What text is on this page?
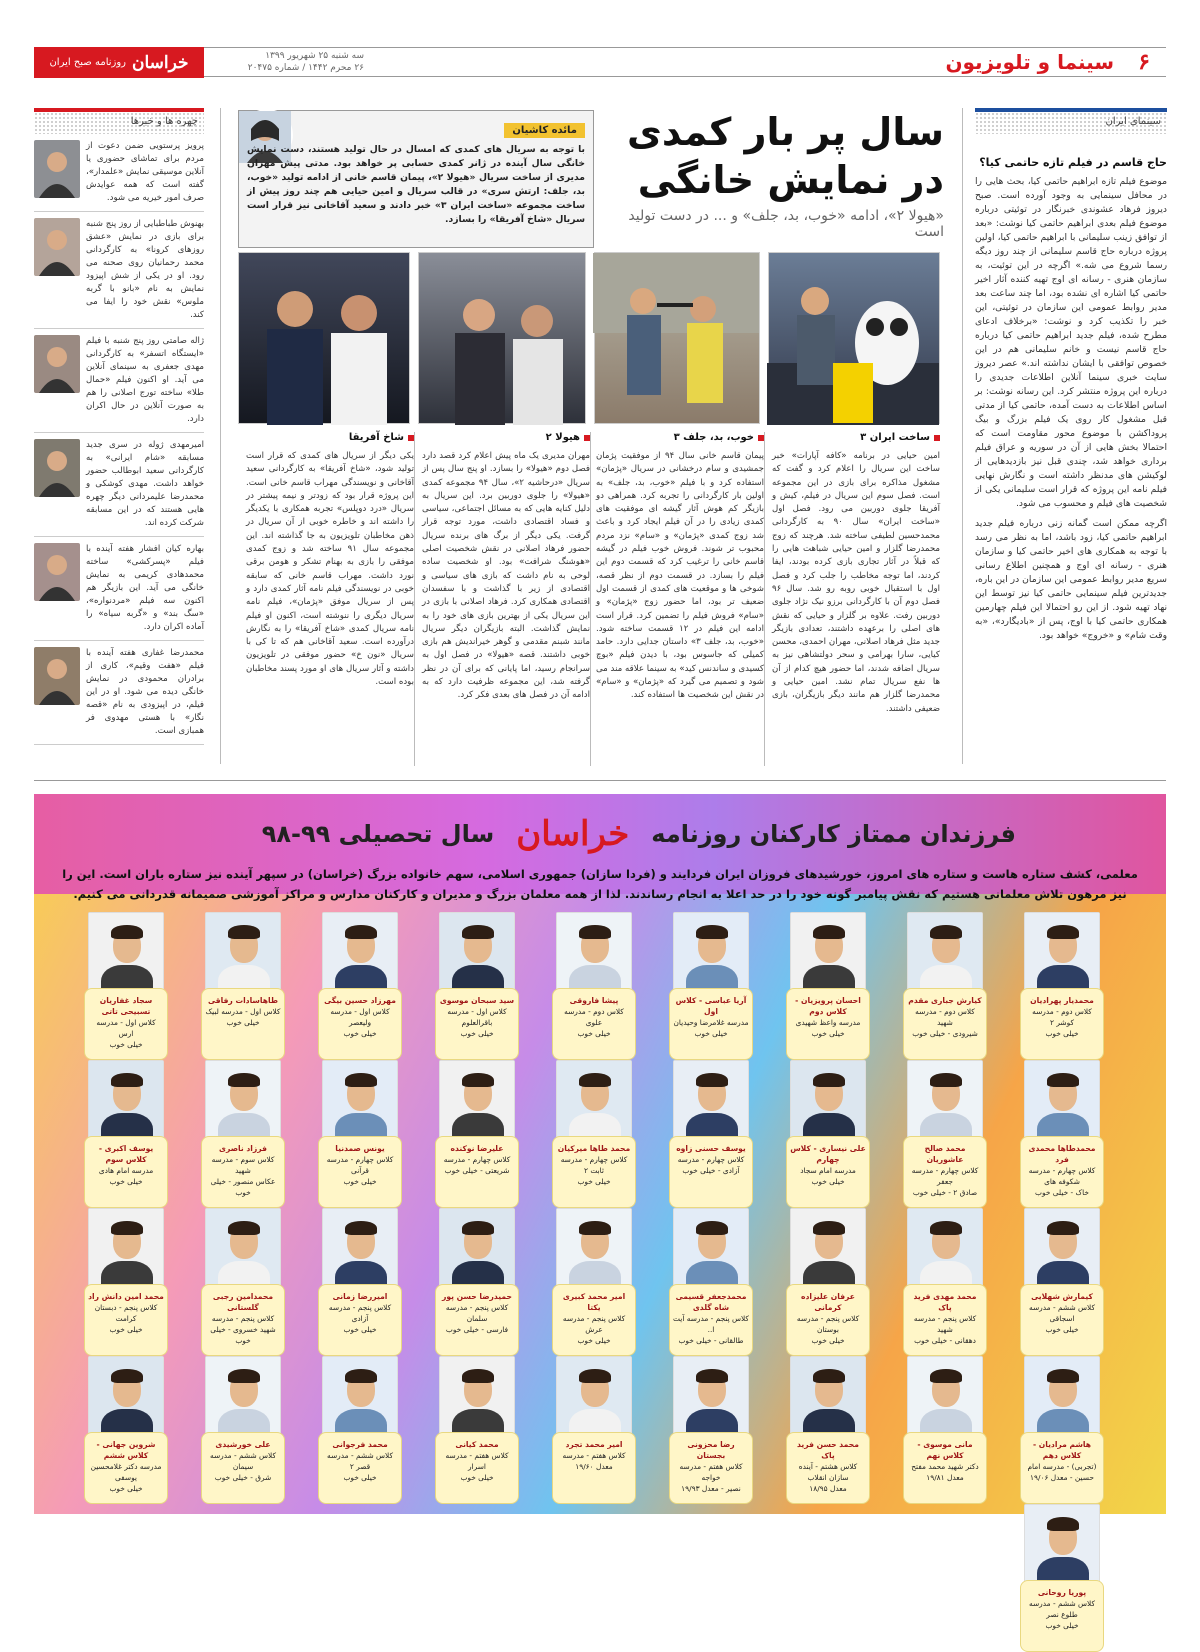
۶
سینما و تلویزیون
سه شنبه ۲۵ شهریور ۱۳۹۹
۲۶ محرم ۱۴۴۲ / شماره ۲۰۴۷۵
خراسان
روزنامه صبح ایران
سینمای ایران
حاج قاسم در فیلم تازه حاتمی کیا؟

موضوع فیلم تازه ابراهیم حاتمی کیا، بحث هایی را در محافل سینمایی به وجود آورده است. صبح دیروز فرهاد عشوندی خبرنگار در توئیتی درباره موضوع فیلم بعدی ابراهیم حاتمی کیا نوشت: «بعد از توافق زینب سلیمانی با ابراهیم حاتمی کیا، اولین پروژه درباره حاج قاسم سلیمانی از چند روز دیگه رسما شروع می شه.» اگرچه در این توئیت، به سازمان هنری - رسانه ای اوج تهیه کننده آثار اخیر حاتمی کیا اشاره ای نشده بود، اما چند ساعت بعد مدیر روابط عمومی این سازمان در توئیتی، این خبر را تکذیب کرد و نوشت: «برخلاف ادعای مطرح شده، فیلم جدید ابراهیم حاتمی کیا درباره حاج قاسم نیست و خانم سلیمانی هم در این خصوص توافقی با ایشان نداشته اند.» عصر دیروز سایت خبری سینما آنلاین اطلاعات جدیدی را درباره این پروژه منتشر کرد. این رسانه نوشت: بر اساس اطلاعات به دست آمده، حاتمی کیا از مدتی قبل مشغول کار روی یک فیلم بزرگ و بیگ پروداکشن با موضوع محور مقاومت است که احتمالا بخش هایی از آن در سوریه و عراق فیلم برداری خواهد شد، چندی قبل نیز بازدیدهایی از لوکیشن های مدنظر داشته است و نگارش نهایی فیلم نامه این پروژه که قرار است سلیمانی یکی از شخصیت های فیلم و محسوب می شود.

اگرچه ممکن است گمانه زنی درباره فیلم جدید ابراهیم حاتمی کیا، زود باشد، اما به نظر می رسد با توجه به همکاری های اخیر حاتمی کیا و سازمان هنری - رسانه ای اوج و همچنین اطلاع رسانی سریع مدیر روابط عمومی این سازمان در این باره، جدیدترین فیلم سینمایی حاتمی کیا نیز توسط این نهاد تهیه شود. از این رو احتمالا این فیلم چهارمین همکاری حاتمی کیا با اوج، پس از «بادیگارد»، «به وقت شام» و «خروج» خواهد بود.

چهره ها و خبرها
پرویز پرستویی ضمن دعوت از مردم برای تماشای حضوری یا آنلاین موسیقی نمایش «علمدار»، گفته است که همه عوایدش صرف امور خیریه می شود.
بهنوش طباطبایی از روز پنج شنبه برای بازی در نمایش «عشق روزهای کرونا» به کارگردانی محمد رحمانیان روی صحنه می رود. او در یکی از شش اپیزود نمایش به نام «بانو با گربه ملوس» نقش خود را ایفا می کند.
ژاله صامتی روز پنج شنبه با فیلم «ایستگاه اتسفر» به کارگردانی مهدی جعفری به سینمای آنلاین می آید. او اکنون فیلم «حمال طلا» ساخته تورج اصلانی را هم به صورت آنلاین در حال اکران دارد.
امیرمهدی ژوله در سری جدید مسابقه «شام ایرانی» به کارگردانی سعید ابوطالب حضور خواهد داشت. مهدی کوشکی و محمدرضا علیمردانی دیگر چهره هایی هستند که در این مسابقه شرکت کرده اند.
بهاره کیان افشار هفته آینده با فیلم «پسرکشی» ساخته محمدهادی کریمی به نمایش خانگی می آید. این بازیگر هم اکنون سه فیلم «مردنواره»، «سگ بند» و «گربه سیاه» را آماده اکران دارد.
محمدرضا غفاری هفته آینده با فیلم «هفت وقیم»، کاری از برادران محمودی در نمایش خانگی دیده می شود. او در این فیلم، در اپیزودی به نام «قصه نگار» با هستی مهدوی فر همبازی است.
سال پر بار کمدی
در نمایش خانگی
«هیولا ۲»، ادامه «خوب، بد، جلف» و ... در دست تولید است
مائده کاشیان
با توجه به سریال های کمدی که امسال در حال تولید هستند، دست نمایش خانگی سال آینده در ژانر کمدی حسابی پر خواهد بود. مدتی پیش مهران مدیری از ساخت سریال «هیولا ۲»، پیمان قاسم خانی از ادامه تولید «خوب، بد، جلف: ارتش سری» در قالب سریال و امین حیایی هم چند روز پیش از ساخت مجموعه «ساخت ایران ۳» خبر دادند و سعید آقاخانی نیز قرار است سریال «شاخ آفریقا» را بسازد.
ساخت ایران ۳
امین حیایی در برنامه «کافه آپارات» خبر ساخت این سریال را اعلام کرد و گفت که مشغول مذاکره برای بازی در این مجموعه است. فصل سوم این سریال در فیلم، کیش و آفریقا جلوی دوربین می رود. فصل اول «ساخت ایران» سال ۹۰ به کارگردانی محمدحسین لطیفی ساخته شد. هرچند که زوج محمدرضا گلزار و امین حیایی شباهت هایی را که قبلاً در آثار تجاری بازی کرده بودند، ایفا کردند، اما توجه مخاطب را جلب کرد و فصل اول با استقبال خوبی روبه رو شد. سال ۹۶ فصل دوم آن با کارگردانی برزو نیک نژاد جلوی دوربین رفت. علاوه بر گلزار و حیایی که نقش های اصلی را برعهده داشتند، تعدادی بازیگر جدید مثل فرهاد اصلانی، مهران احمدی، محسن کیایی، سارا بهرامی و سحر دولتشاهی نیز به سریال اضافه شدند، اما حضور هیچ کدام از آن ها نفع سریال تمام نشد. امین حیایی و محمدرضا گلزار هم مانند دیگر بازیگران، بازی ضعیفی داشتند.
خوب، بد، جلف ۳
پیمان قاسم خانی سال ۹۴ از موفقیت پژمان جمشیدی و سام درخشانی در سریال «پژمان» استفاده کرد و با فیلم «خوب، بد، جلف» به اولین بار کارگردانی را تجربه کرد. همراهی دو بازیگر کم هوش آثار گیشه ای موفقیت های کمدی زیادی را در آن فیلم ایجاد کرد و باعث شد زوج کمدی «پژمان» و «سام» نزد مردم محبوب تر شوند. فروش خوب فیلم در گیشه قاسم خانی را ترغیب کرد که قسمت دوم این فیلم را بسازد. در قسمت دوم از نظر قصه، شوخی ها و موقعیت های کمدی از قسمت اول ضعیف تر بود، اما حضور زوج «پژمان» و «سام» فروش فیلم را تضمین کرد. قرار است ادامه این فیلم در ۱۲ قسمت ساخته شود. «خوب، بد، جلف ۳» داستان جدایی دارد. حامد کمیلی که جاسوس بود، با دیدن فیلم «بوچ کسیدی و ساندنس کید» به سینما علاقه مند می شود و تصمیم می گیرد که «پژمان» و «سام» در نقش این شخصیت ها استفاده کند.
هیولا ۲
مهران مدیری یک ماه پیش اعلام کرد قصد دارد فصل دوم «هیولا» را بسازد. او پنج سال پس از سریال «درحاشیه ۲»، سال ۹۴ مجموعه کمدی «هیولا» را جلوی دوربین برد. این سریال به دلیل کنایه هایی که به مسائل اجتماعی، سیاسی و فساد اقتصادی داشت، مورد توجه قرار گرفت. یکی دیگر از برگ های برنده سریال حضور فرهاد اصلانی در نقش شخصیت اصلی «هوشنگ شرافت» بود. او شخصیت ساده لوحی به نام داشت که بازی های سیاسی و اقتصادی از زیر با گذاشت و با سفسدان اقتصادی همکاری کرد. فرهاد اصلانی با بازی در این سریال یکی از بهترین بازی های خود را به نمایش گذاشت. البته بازیگران دیگر سریال مانند شبنم مقدمی و گوهر خیراندیش هم بازی خوبی داشتند. قصه «هیولا» در فصل اول به سرانجام رسید، اما پایانی که برای آن در نظر گرفته شد، این مجموعه ظرفیت دارد که به ادامه آن در فصل های بعدی فکر کرد.
شاخ آفریقا
یکی دیگر از سریال های کمدی که قرار است تولید شود، «شاخ آفریقا» به کارگردانی سعید آقاخانی و نویسندگی مهراب قاسم خانی است. این پروژه قرار بود که زودتر و نیمه پیشتر در سریال «درد دوپلس» تجربه همکاری با یکدیگر را داشته اند و خاطره خوبی از آن سریال در ذهن مخاطبان تلویزیون به جا گذاشته اند. این مجموعه سال ۹۱ ساخته شد و زوج کمدی موفقی را بازی به بهنام تشکر و هومن برقی نورد داشت. مهراب قاسم خانی که سابقه خوبی در نویسندگی فیلم نامه آثار کمدی دارد و پس از سریال موفق «پژمان»، فیلم نامه سریال دیگری را ننوشته است، اکنون او فیلم نامه سریال کمدی «شاخ آفریقا» را به نگارش درآورده است. سعید آقاخانی هم که تا کی با سریال «نون خ» حضور موفقی در تلویزیون داشته و آثار سریال های او مورد پسند مخاطبان بوده است.
فرزندان ممتاز کارکنان روزنامه
خراسان
سال تحصیلی ۹۹-۹۸
معلمی، کشف ستاره هاست و ستاره های امروز، خورشیدهای فروزان ایران فردایند و (فردا سازان) جمهوری اسلامی، سهم خانواده بزرگ (خراسان) در سپهر آینده نیز ستاره باران است. این را نیز مرهون تلاش معلمانی هستیم که نقش پیامبر گونه خود را در حد اعلا به انجام رساندند. لذا از همه معلمان بزرگ و مدیران و کارکنان مدارس و مراکز آموزشی صمیمانه قدردانی می کنیم.
محمدیار پهرادیان
کلاس دوم - مدرسه کوشر ۲
خیلی خوب
کیارش جباری مقدم
کلاس دوم - مدرسه شهید
شیرودی - خیلی خوب
احسان پرویزیان - کلاس دوم
مدرسه واعظ شهیدی
خیلی خوب
آریا عباسی - کلاس اول
مدرسه غلامرضا وحیدیان
خیلی خوب
پیشا فاروقی
کلاس دوم - مدرسه علوی
خیلی خوب
سید سبحان موسوی
کلاس اول - مدرسه باقرالعلوم
خیلی خوب
مهرزاد حسین بیگی
کلاس اول - مدرسه ولیعصر
خیلی خوب
طاهاسادات رفاقی
کلاس اول - مدرسه لبیک
خیلی خوب
سجاد غفاریان تسبیحی تاتی
کلاس اول - مدرسه ارس
خیلی خوب
محمدطاها محمدی فرد
کلاس چهارم - مدرسه شکوفه های
خاک - خیلی خوب
محمد صالح عاشوریان
کلاس چهارم - مدرسه جعفر
صادق ۲ - خیلی خوب
علی نیساری - کلاس چهارم
مدرسه امام سجاد
خیلی خوب
یوسف حسنی زاوه
کلاس چهارم - مدرسه
آزادی - خیلی خوب
محمد طاها میرکیان
کلاس چهارم - مدرسه ثابت ۲
خیلی خوب
علیرضا نوکنده
کلاس چهارم - مدرسه
شریعتی - خیلی خوب
یونس صمدنیا
کلاس چهارم - مدرسه قرآنی
خیلی خوب
فرزاد ناصری
کلاس سوم - مدرسه شهید
عکاس منصور - خیلی خوب
یوسف اکبری - کلاس سوم
مدرسه امام هادی
خیلی خوب
کیمارش شهلایی
کلاس ششم - مدرسه اسجاقی
خیلی خوب
محمد مهدی فرید پاک
کلاس پنجم - مدرسه شهید
دهقانی - خیلی خوب
عرفان علیزاده کرمانی
کلاس پنجم - مدرسه بوستان
خیلی خوب
محمدجعفر قسیمی شاه گلدی
کلاس پنجم - مدرسه آیت ا..
طالقانی - خیلی خوب
امیر محمد کبیری یکتا
کلاس پنجم - مدرسه عرش
خیلی خوب
حمیدرضا حسن پور
کلاس پنجم - مدرسه سلمان
فارسی - خیلی خوب
امیررضا زمانی
کلاس پنجم - مدرسه آزادی
خیلی خوب
محمدامین رجبی گلستانی
کلاس پنجم - مدرسه
شهید خسروی - خیلی خوب
محمد امین دانش راد
کلاس پنجم - دبستان کرامت
خیلی خوب
هاشم مرادیان - کلاس دهم
(تجربی) - مدرسه امام
حسین - معدل ۱۹/۰۶
مانی موسوی - کلاس نهم
دکتر شهید محمد مفتح
معدل ۱۹/۸۱
محمد حسن فرید پاک
کلاس هشتم - آینده سازان انقلاب
معدل ۱۸/۹۵
رضا محزونی بجستان
کلاس هفتم - مدرسه خواجه
نصیر - معدل ۱۹/۹۳
امیر محمد تجرد
کلاس هفتم - مدرسه
معدل ۱۹/۶۰
محمد کیانی
کلاس هفتم - مدرسه اسرار
خیلی خوب
محمد فرجوانی
کلاس ششم - مدرسه قصر ۲
خیلی خوب
علی خورشیدی
کلاس ششم - مدرسه سیمان
شرق - خیلی خوب
شروین جهانی - کلاس ششم
مدرسه دکتر غلامحسین یوسفی
خیلی خوب
پوریا روحانی
کلاس ششم - مدرسه طلوع نصر
خیلی خوب
